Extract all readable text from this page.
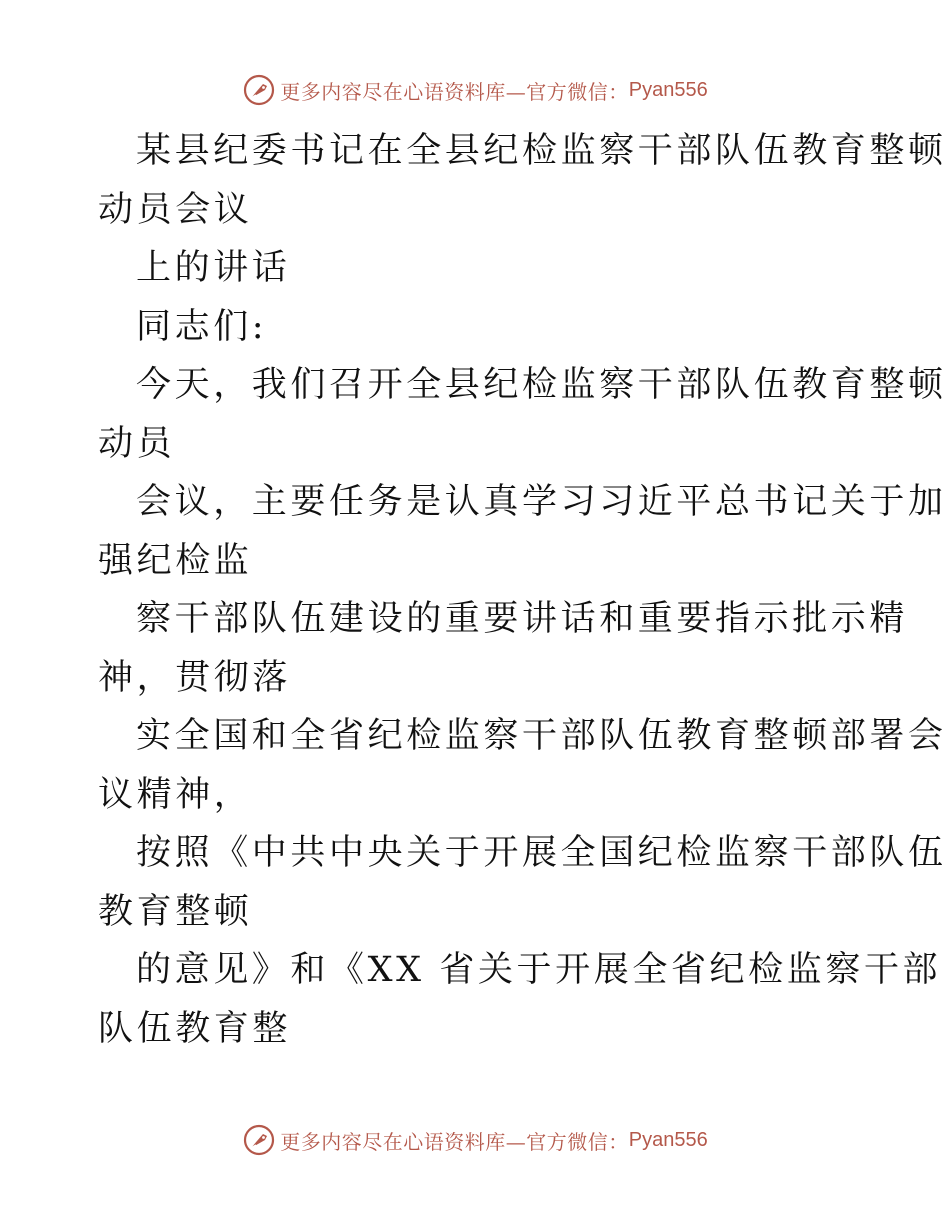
更多内容尽在心语资料库—官方微信： Pyan556
某县纪委书记在全县纪检监察干部队伍教育整顿
动员会议
上的讲话
同志们:
今天，我们召开全县纪检监察干部队伍教育整顿
动员
会议，主要任务是认真学习习近平总书记关于加
强纪检监
察干部队伍建设的重要讲话和重要指示批示精
神，贯彻落
实全国和全省纪检监察干部队伍教育整顿部署会
议精神，
按照《中共中央关于开展全国纪检监察干部队伍
教育整顿
的意见》和《XX 省关于开展全省纪检监察干部
队伍教育整
更多内容尽在心语资料库—官方微信： Pyan556
